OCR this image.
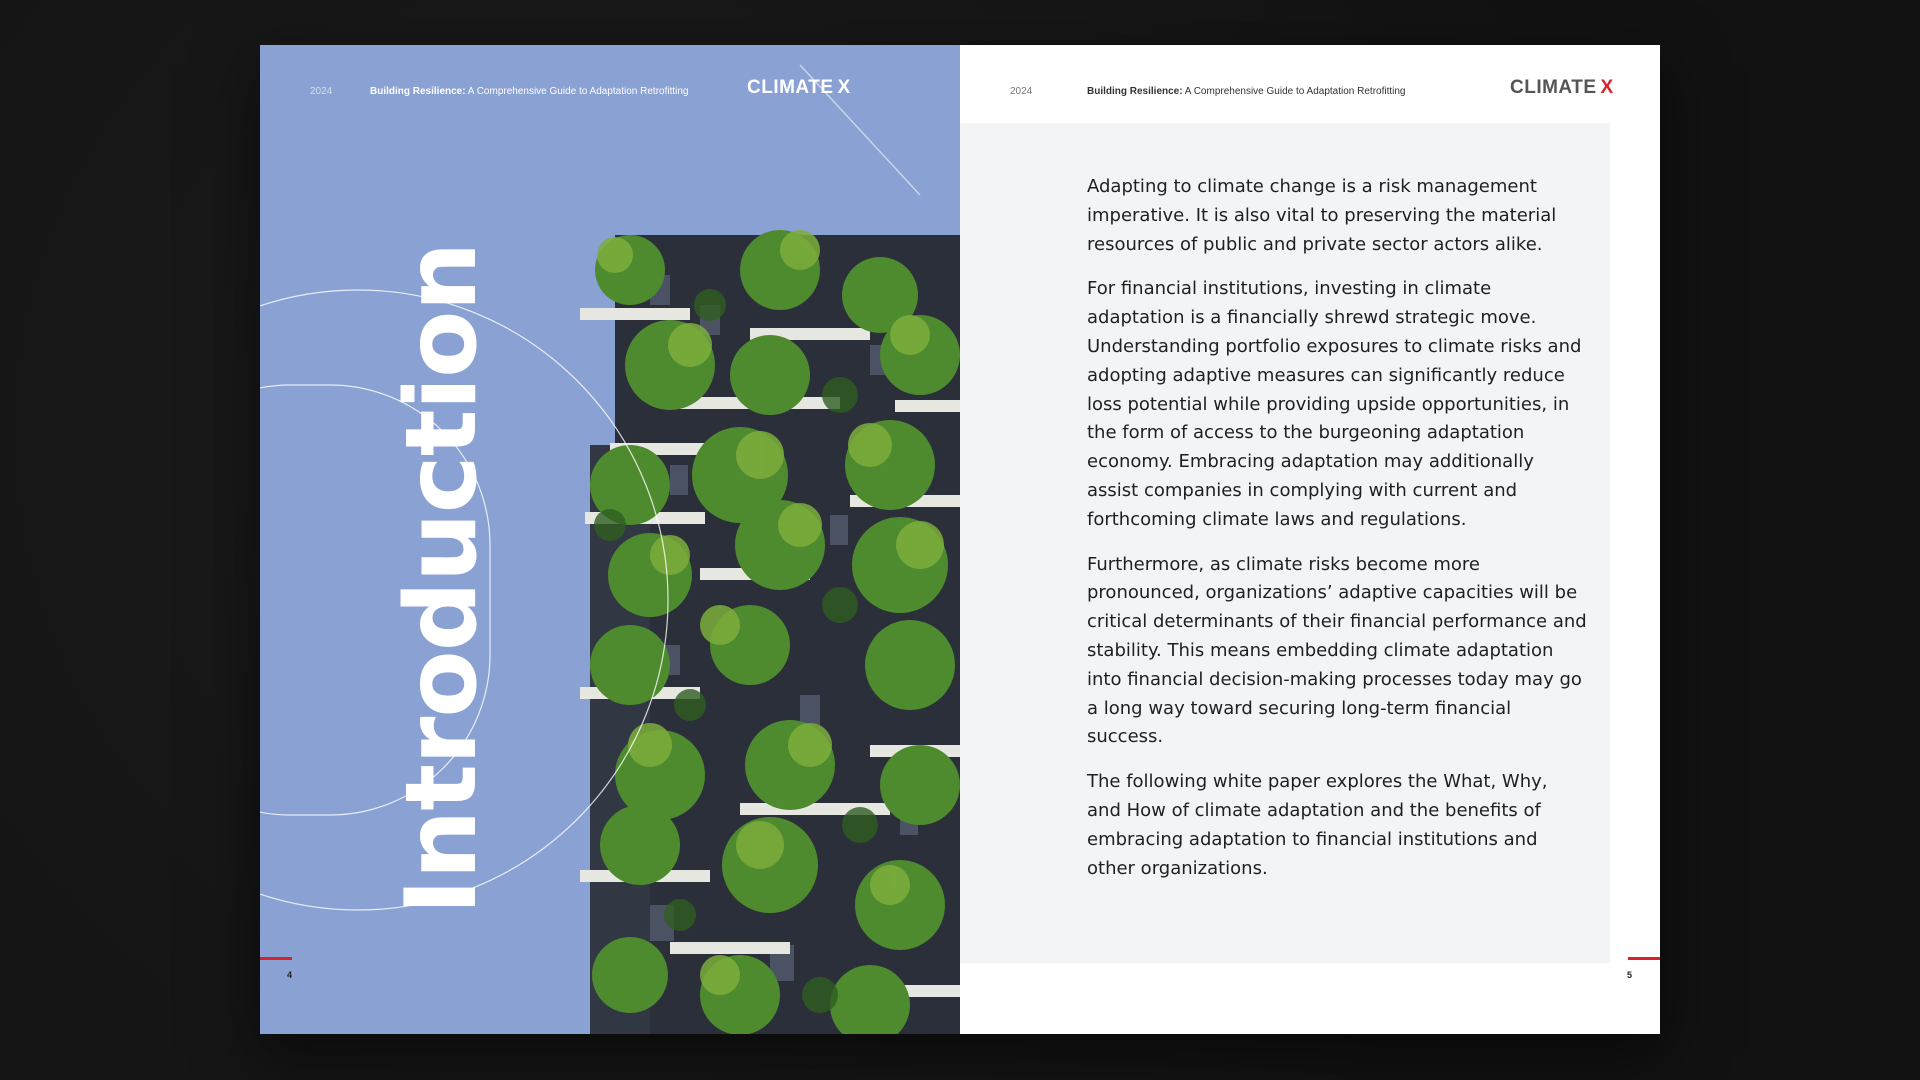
Introduction
2024	Building Resilience: A Comprehensive Guide to Adaptation Retrofitting	CLIMATE X
4
2024	Building Resilience: A Comprehensive Guide to Adaptation Retrofitting	CLIMATE X

Adapting to climate change is a risk management imperative. It is also vital to preserving the material resources of public and private sector actors alike.

For financial institutions, investing in climate adaptation is a financially shrewd strategic move. Understanding portfolio exposures to climate risks and adopting adaptive measures can significantly reduce loss potential while providing upside opportunities, in the form of access to the burgeoning adaptation economy. Embracing adaptation may additionally assist companies in complying with current and forthcoming climate laws and regulations.

Furthermore, as climate risks become more pronounced, organizations’ adaptive capacities will be critical determinants of their financial performance and stability. This means embedding climate adaptation into financial decision-making processes today may go a long way toward securing long-term financial success.

The following white paper explores the What, Why, and How of climate adaptation and the benefits of embracing adaptation to financial institutions and other organizations.

5
